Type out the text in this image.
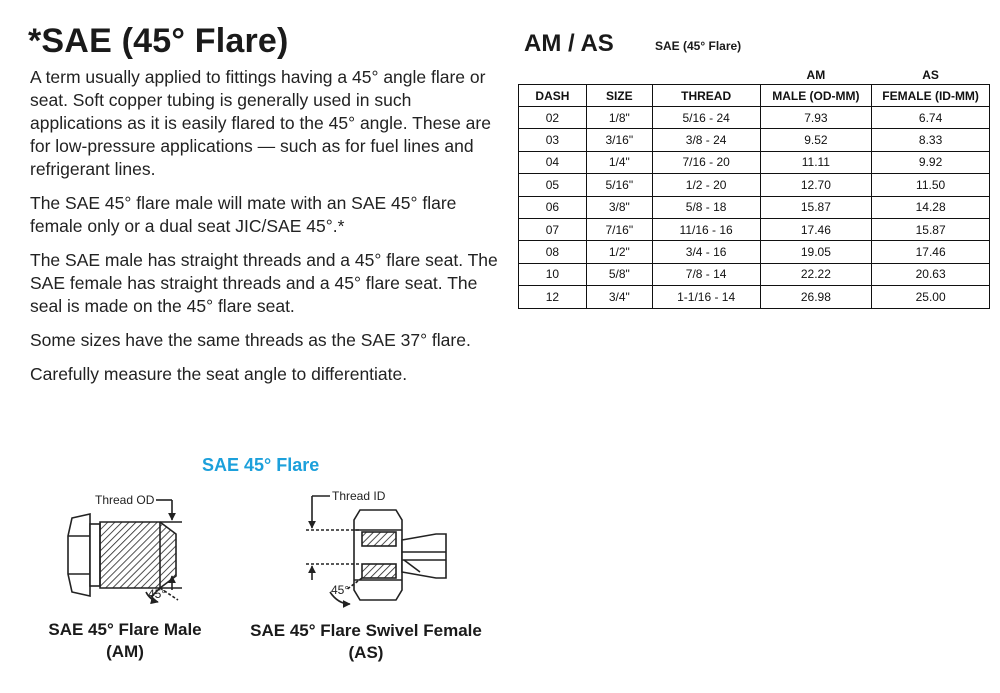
*SAE (45° Flare)

A term usually applied to fittings having a 45° angle flare or seat. Soft copper tubing is generally used in such applications as it is easily flared to the 45° angle. These are for low-pressure applications — such as for fuel lines and refrigerant lines.

The SAE 45° flare male will mate with an SAE 45° flare female only or a dual seat JIC/SAE 45°.*

The SAE male has straight threads and a 45° flare seat. The SAE female has straight threads and a 45° flare seat. The seal is made on the 45° flare seat.

Some sizes have the same threads as the SAE 37° flare.

Carefully measure the seat angle to differentiate.

AM / AS	SAE (45° Flare)
			AM	AS
DASH	SIZE	THREAD	MALE (OD-MM)	FEMALE (ID-MM)
02	1/8"	5/16 - 24	7.93	6.74
03	3/16"	3/8 - 24	9.52	8.33
04	1/4"	7/16 - 20	11.11	9.92
05	5/16"	1/2 - 20	12.70	11.50
06	3/8"	5/8 - 18	15.87	14.28
07	7/16"	11/16 - 16	17.46	15.87
08	1/2"	3/4 - 16	19.05	17.46
10	5/8"	7/8 - 14	22.22	20.63
12	3/4"	1-1/16 - 14	26.98	25.00
SAE 45° Flare
Thread OD
45°
Thread ID
45°
SAE 45° Flare Male
(AM)
SAE 45° Flare Swivel Female
(AS)
